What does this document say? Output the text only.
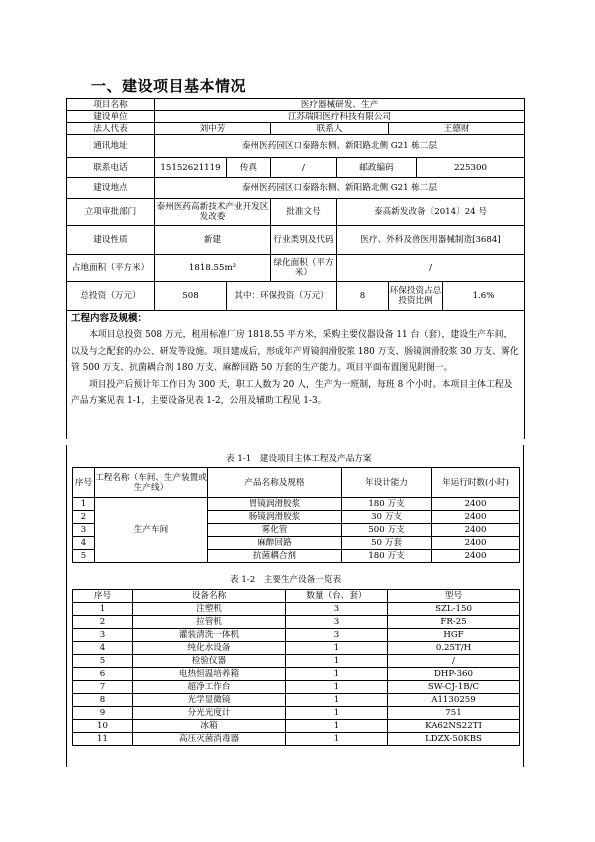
一、建设项目基本情况
项目名称	医疗器械研发、生产						
建设单位	江苏瑞阳医疗科技有限公司						
法人代表	刘中芳		联系人		王德财		
通讯地址	泰州医药园区口泰路东侧、新阳路北侧 G21 栋二层						
联系电话	15152621119	传真	/	邮政编码		225300	
建设地点	泰州医药园区口泰路东侧、新阳路北侧 G21 栋二层						
立项审批部门	泰州医药高新技术产业开发区发改委		批准文号	泰高新发改备〔2014〕24 号			
建设性质	新建		行业类别及代码	医疗、外科及兽医用器械制造[3684]			
占地面积（平方米）	1818.55m²		绿化面积（平方米）	/			
总投资（万元）	508	其中：环保投资（万元）		8	环保投资占总投资比例		1.6%

工程内容及规模：

本项目总投资 508 万元，租用标准厂房 1818.55 平方米，采购主要仪器设备 11 台（套），建设生产车间，以及与之配套的办公、研发等设施。项目建成后，形成年产胃镜润滑胶浆 180 万支、肠镜润滑胶浆 30 万支、雾化管 500 万支、抗菌耦合剂 180 万支、麻醉回路 50 万套的生产能力。项目平面布置图见附图一。

项目投产后预计年工作日为 300 天，职工人数为 20 人，生产为一班制，每班 8 个小时。本项目主体工程及产品方案见表 1-1，主要设备见表 1-2，公用及辅助工程见 1-3。							

表 1-1　建设项目主体工程及产品方案
序号	工程名称（车间、生产装置或生产线）	产品名称及规格	年设计能力	年运行时数(小时)
1	生产车间	胃镜润滑胶浆	180 万支	2400
2		肠镜润滑胶浆	30 万支	2400
3		雾化管	500 万支	2400
4		麻醉回路	50 万套	2400
5		抗菌耦合剂	180 万支	2400
表 1-2　主要生产设备一览表
序号	设备名称	数量（台、套）	型号
1	注塑机	3	SZL-150
2	拉管机	3	FR-25
3	灌装清洗一体机	3	HGF
4	纯化水设备	1	0.25T/H
5	检验仪器	1	/
6	电热恒温培养箱	1	DHP-360
7	超净工作台	1	SW-CJ-1B/C
8	光学显微镜	1	A1130259
9	分光光度计	1	751
10	冰箱	1	KA62NS22TI
11	高压灭菌消毒器	1	LDZX-50KBS
